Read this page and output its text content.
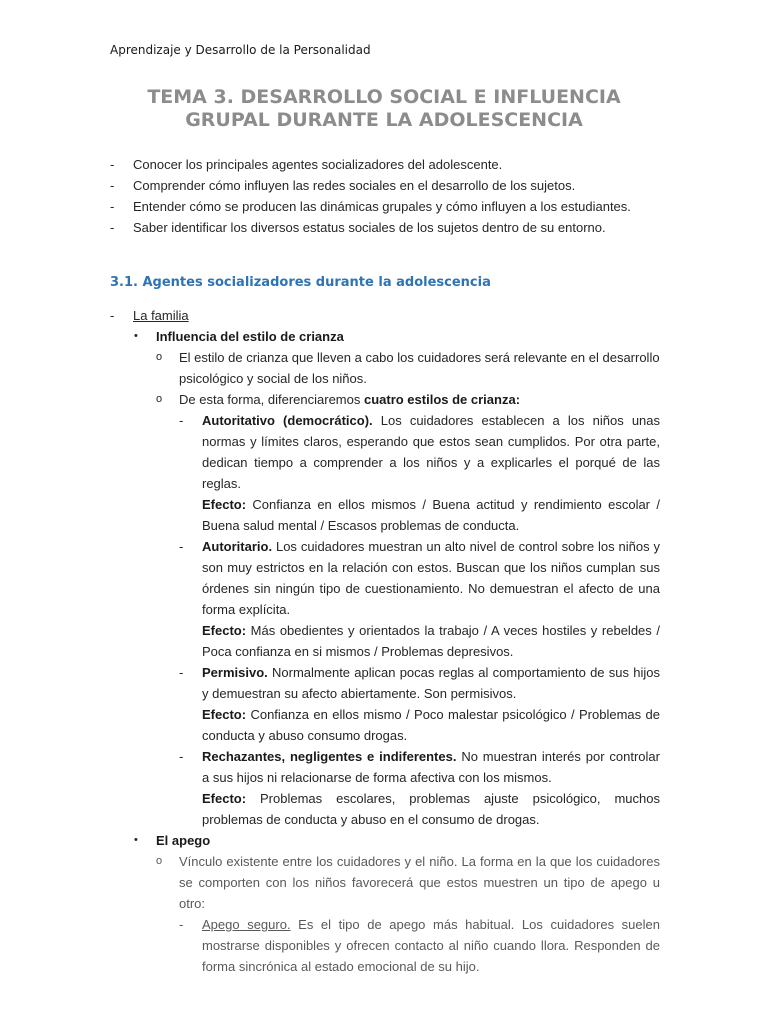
Aprendizaje y Desarrollo de la Personalidad
TEMA 3. DESARROLLO SOCIAL E INFLUENCIA
GRUPAL DURANTE LA ADOLESCENCIA
- Conocer los principales agentes socializadores del adolescente.
- Comprender cómo influyen las redes sociales en el desarrollo de los sujetos.
- Entender cómo se producen las dinámicas grupales y cómo influyen a los estudiantes.
- Saber identificar los diversos estatus sociales de los sujetos dentro de su entorno.
3.1. Agentes socializadores durante la adolescencia
- La familia
• Influencia del estilo de crianza
o El estilo de crianza que lleven a cabo los cuidadores será relevante en el desarrollo psicológico y social de los niños.
o De esta forma, diferenciaremos cuatro estilos de crianza:
- Autoritativo (democrático). Los cuidadores establecen a los niños unas normas y límites claros, esperando que estos sean cumplidos. Por otra parte, dedican tiempo a comprender a los niños y a explicarles el porqué de las reglas.
Efecto: Confianza en ellos mismos / Buena actitud y rendimiento escolar / Buena salud mental / Escasos problemas de conducta.
- Autoritario. Los cuidadores muestran un alto nivel de control sobre los niños y son muy estrictos en la relación con estos. Buscan que los niños cumplan sus órdenes sin ningún tipo de cuestionamiento. No demuestran el afecto de una forma explícita.
Efecto: Más obedientes y orientados la trabajo / A veces hostiles y rebeldes / Poca confianza en si mismos / Problemas depresivos.
- Permisivo. Normalmente aplican pocas reglas al comportamiento de sus hijos y demuestran su afecto abiertamente. Son permisivos.
Efecto: Confianza en ellos mismo / Poco malestar psicológico / Problemas de conducta y abuso consumo drogas.
- Rechazantes, negligentes e indiferentes. No muestran interés por controlar a sus hijos ni relacionarse de forma afectiva con los mismos.
Efecto: Problemas escolares, problemas ajuste psicológico, muchos problemas de conducta y abuso en el consumo de drogas.
• El apego
o Vínculo existente entre los cuidadores y el niño. La forma en la que los cuidadores se comporten con los niños favorecerá que estos muestren un tipo de apego u otro:
- Apego seguro. Es el tipo de apego más habitual. Los cuidadores suelen mostrarse disponibles y ofrecen contacto al niño cuando llora. Responden de forma sincrónica al estado emocional de su hijo.
